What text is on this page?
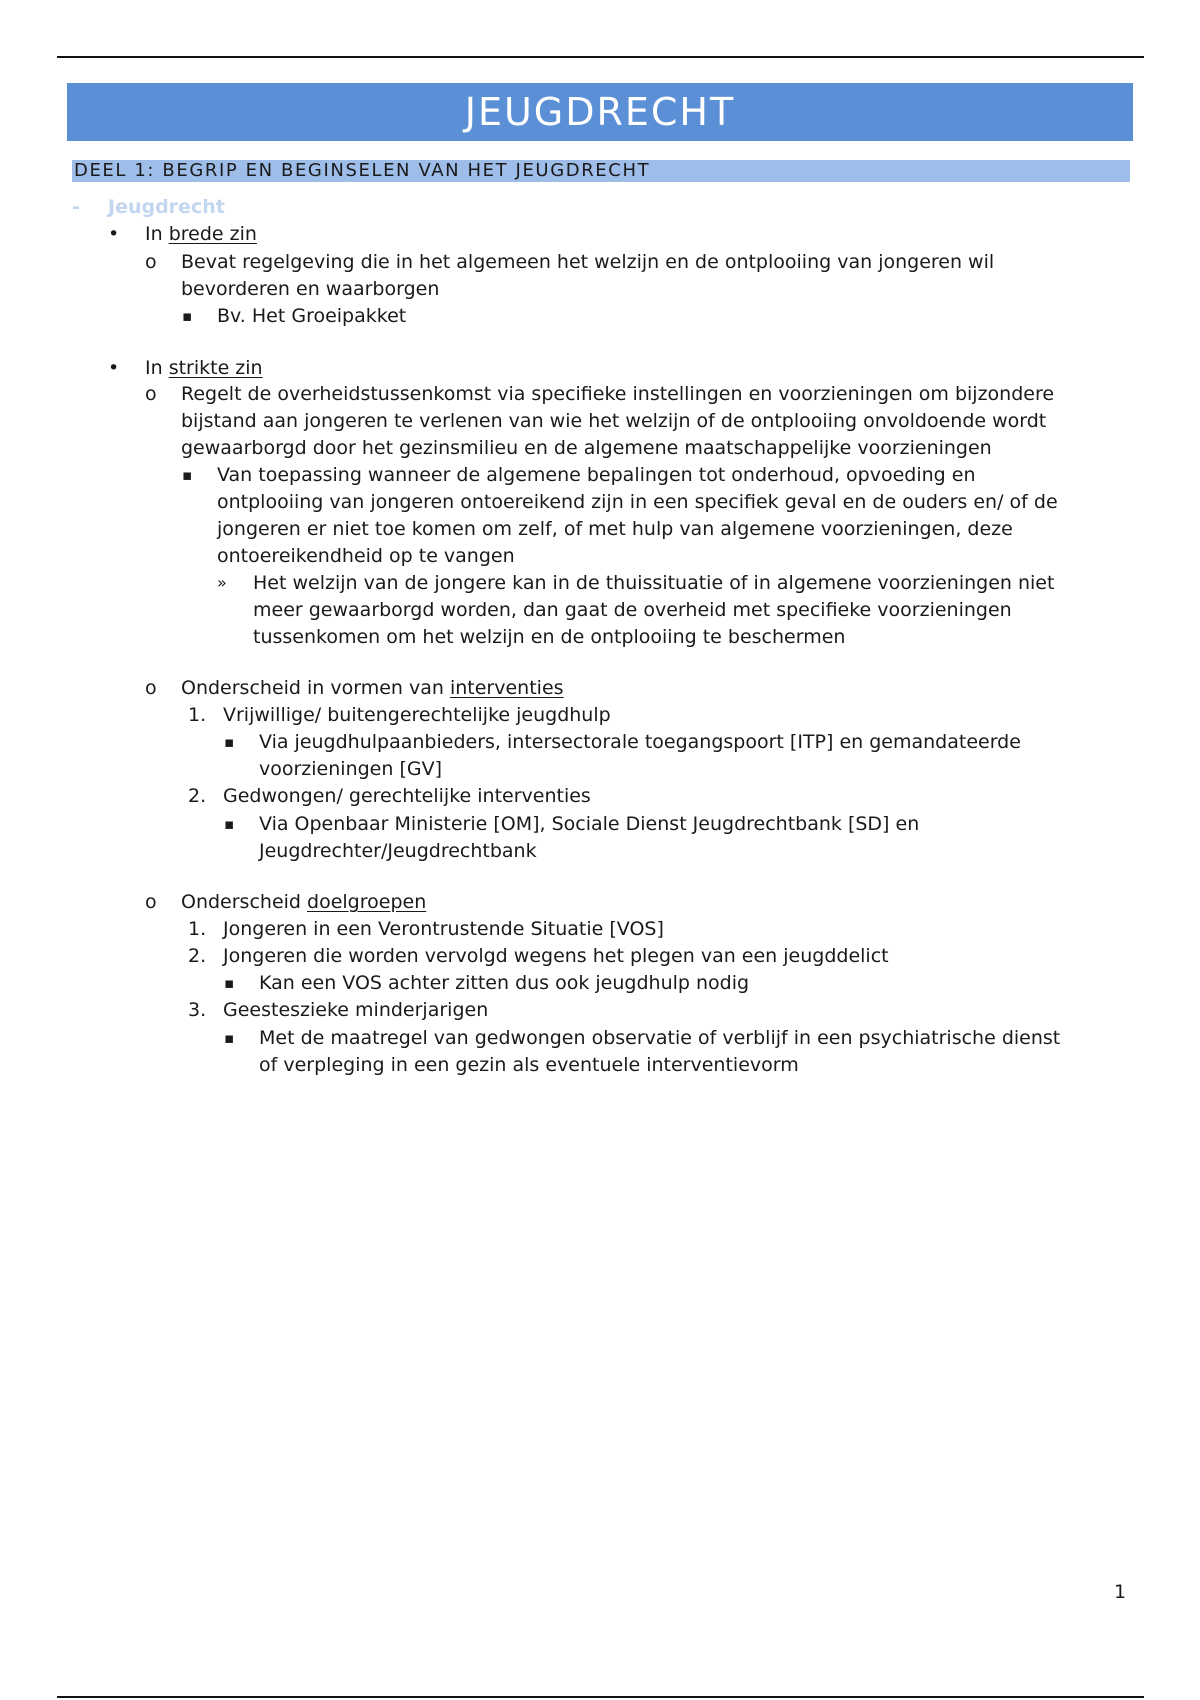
JEUGDRECHT
DEEL 1: BEGRIP EN BEGINSELEN VAN HET JEUGDRECHT
- Jeugdrecht
• In brede zin
o Bevat regelgeving die in het algemeen het welzijn en de ontplooiing van jongeren wil
bevorderen en waarborgen
▪ Bv. Het Groeipakket
• In strikte zin
o Regelt de overheidstussenkomst via specifieke instellingen en voorzieningen om bijzondere
bijstand aan jongeren te verlenen van wie het welzijn of de ontplooiing onvoldoende wordt
gewaarborgd door het gezinsmilieu en de algemene maatschappelijke voorzieningen
▪ Van toepassing wanneer de algemene bepalingen tot onderhoud, opvoeding en
ontplooiing van jongeren ontoereikend zijn in een specifiek geval en de ouders en/ of de
jongeren er niet toe komen om zelf, of met hulp van algemene voorzieningen, deze
ontoereikendheid op te vangen
» Het welzijn van de jongere kan in de thuissituatie of in algemene voorzieningen niet
meer gewaarborgd worden, dan gaat de overheid met specifieke voorzieningen
tussenkomen om het welzijn en de ontplooiing te beschermen
o Onderscheid in vormen van interventies
1. Vrijwillige/ buitengerechtelijke jeugdhulp
▪ Via jeugdhulpaanbieders, intersectorale toegangspoort [ITP] en gemandateerde
voorzieningen [GV]
2. Gedwongen/ gerechtelijke interventies
▪ Via Openbaar Ministerie [OM], Sociale Dienst Jeugdrechtbank [SD] en
Jeugdrechter/Jeugdrechtbank
o Onderscheid doelgroepen
1. Jongeren in een Verontrustende Situatie [VOS]
2. Jongeren die worden vervolgd wegens het plegen van een jeugddelict
▪ Kan een VOS achter zitten dus ook jeugdhulp nodig
3. Geesteszieke minderjarigen
▪ Met de maatregel van gedwongen observatie of verblijf in een psychiatrische dienst
of verpleging in een gezin als eventuele interventievorm
1
